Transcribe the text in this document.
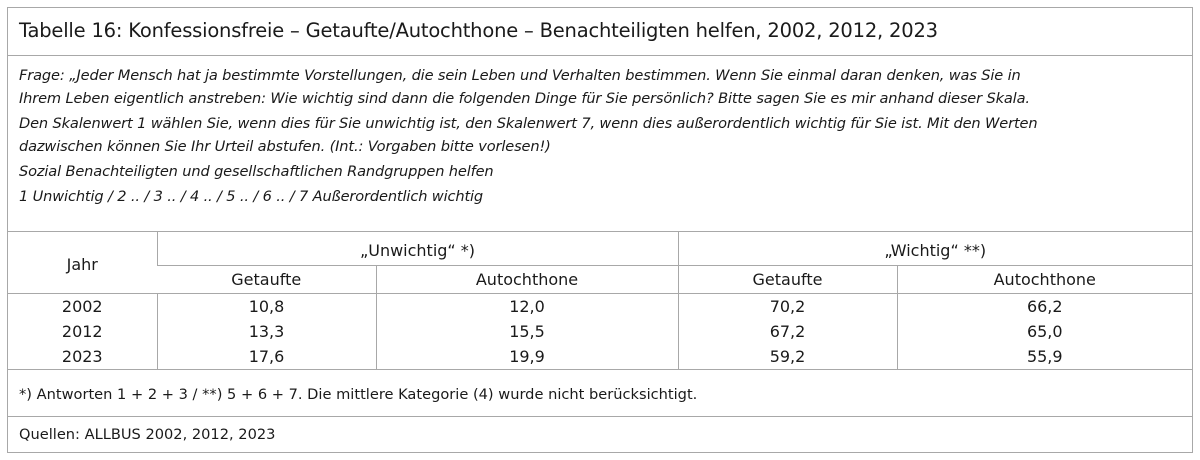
Tabelle 16: Konfessionsfreie – Getaufte/Autochthone – Benachteiligten helfen, 2002, 2012, 2023

Frage: „Jeder Mensch hat ja bestimmte Vorstellungen, die sein Leben und Verhalten bestimmen. Wenn Sie einmal daran denken, was Sie in

Ihrem Leben eigentlich anstreben: Wie wichtig sind dann die folgenden Dinge für Sie persönlich? Bitte sagen Sie es mir anhand dieser Skala.

Den Skalenwert 1 wählen Sie, wenn dies für Sie unwichtig ist, den Skalenwert 7, wenn dies außerordentlich wichtig für Sie ist. Mit den Werten

dazwischen können Sie Ihr Urteil abstufen. (Int.: Vorgaben bitte vorlesen!)

Sozial Benachteiligten und gesellschaftlichen Randgruppen helfen

1 Unwichtig / 2 .. / 3 .. / 4 .. / 5 .. / 6 .. / 7 Außerordentlich wichtig

Jahr	„Unwichtig“ *)		„Wichtig“ **)	
	Getaufte	Autochthone	Getaufte	Autochthone
2002	10,8	12,0	70,2	66,2
2012	13,3	15,5	67,2	65,0
2023	17,6	19,9	59,2	55,9
*) Antworten 1 + 2 + 3 / **) 5 + 6 + 7. Die mittlere Kategorie (4) wurde nicht berücksichtigt.
Quellen: ALLBUS 2002, 2012, 2023
